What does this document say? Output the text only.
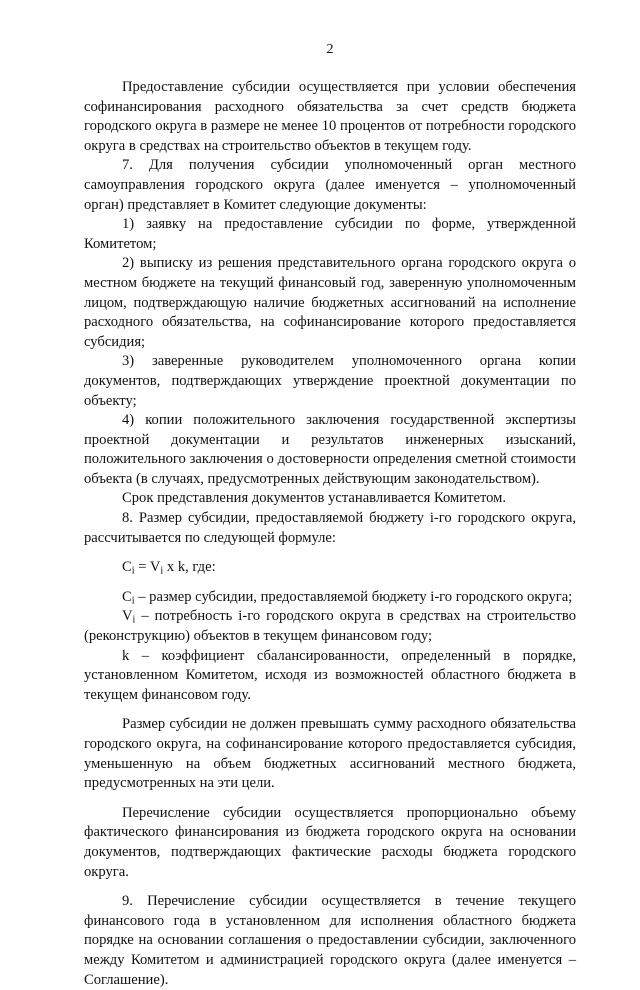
2

Предоставление субсидии осуществляется при условии обеспечения софинансирования расходного обязательства за счет средств бюджета городского округа в размере не менее 10 процентов от потребности городского округа в средствах на строительство объектов в текущем году.

7. Для получения субсидии уполномоченный орган местного самоуправления городского округа (далее именуется – уполномоченный орган) представляет в Комитет следующие документы:

1) заявку на предоставление субсидии по форме, утвержденной Комитетом;

2) выписку из решения представительного органа городского округа о местном бюджете на текущий финансовый год, заверенную уполномоченным лицом, подтверждающую наличие бюджетных ассигнований на исполнение расходного обязательства, на софинансирование которого предоставляется субсидия;

3) заверенные руководителем уполномоченного органа копии документов, подтверждающих утверждение проектной документации по объекту;

4) копии положительного заключения государственной экспертизы проектной документации и результатов инженерных изысканий, положительного заключения о достоверности определения сметной стоимости объекта (в случаях, предусмотренных действующим законодательством).

Срок представления документов устанавливается Комитетом.

8. Размер субсидии, предоставляемой бюджету i-го городского округа, рассчитывается по следующей формуле:

$C_i = V_i$ x k, где:

$C_i$ – размер субсидии, предоставляемой бюджету i-го городского округа;

$V_i$ – потребность i-го городского округа в средствах на строительство (реконструкцию) объектов в текущем финансовом году;

k – коэффициент сбалансированности, определенный в порядке, установленном Комитетом, исходя из возможностей областного бюджета в текущем финансовом году.

Размер субсидии не должен превышать сумму расходного обязательства городского округа, на софинансирование которого предоставляется субсидия, уменьшенную на объем бюджетных ассигнований местного бюджета, предусмотренных на эти цели.

Перечисление субсидии осуществляется пропорционально объему фактического финансирования из бюджета городского округа на основании документов, подтверждающих фактические расходы бюджета городского округа.

9. Перечисление субсидии осуществляется в течение текущего финансового года в установленном для исполнения областного бюджета порядке на основании соглашения о предоставлении субсидии, заключенного между Комитетом и администрацией городского округа (далее именуется – Соглашение).
